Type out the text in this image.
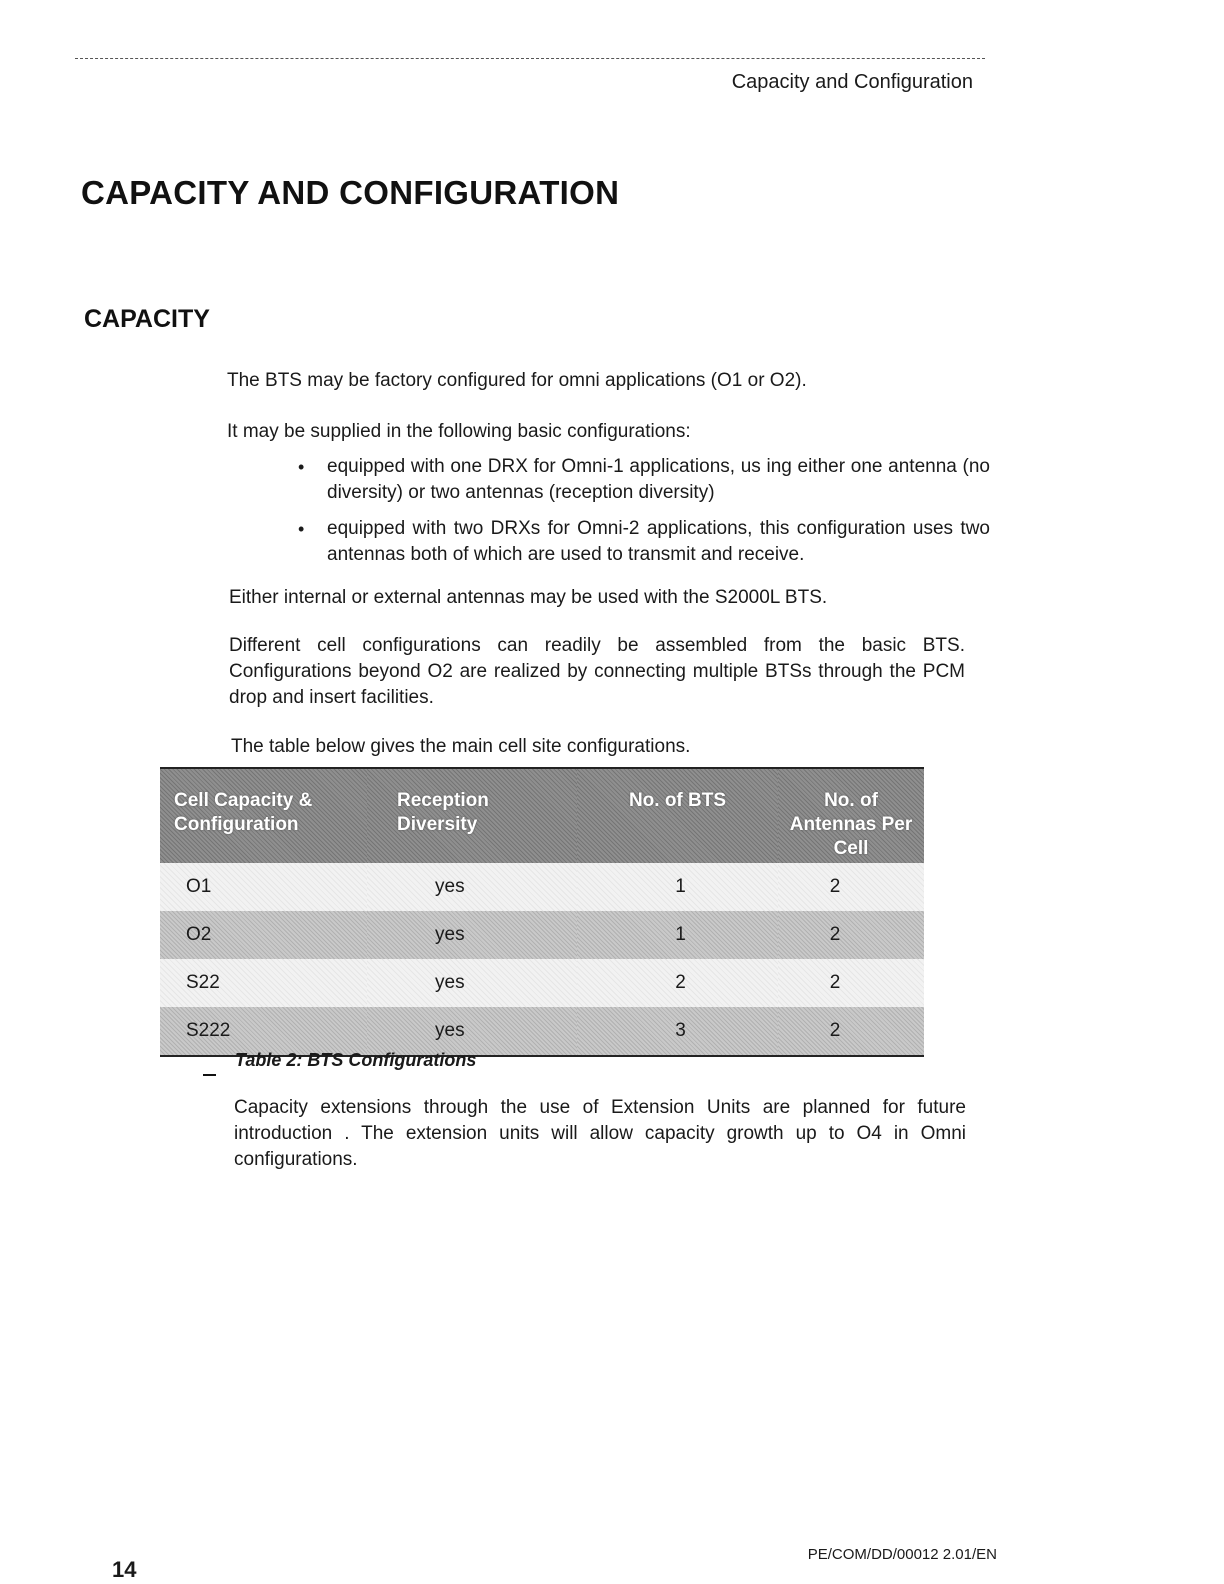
Capacity and Configuration
CAPACITY AND CONFIGURATION
CAPACITY

The BTS may be factory configured for omni applications (O1 or O2).

It may be supplied in the following basic configurations:

• equipped with one DRX for Omni-1 applications, us ing either one antenna (no diversity) or two antennas (reception diversity)
• equipped with two DRXs for Omni-2 applications, this configuration uses two antennas both of which are used to transmit and receive.

Either internal or external antennas may be used with the S2000L BTS.

Different cell configurations can readily be assembled from the basic BTS. Configurations beyond O2 are realized by connecting multiple BTSs through the PCM drop and insert facilities.

The table below gives the main cell site configurations.

Cell Capacity & Configuration	Reception Diversity	No. of BTS	No. of Antennas Per Cell
O1	yes	1	2
O2	yes	1	2
S22	yes	2	2
S222	yes	3	2

Table 2: BTS Configurations

Capacity extensions through the use of Extension Units are planned for future introduction . The extension units will allow capacity growth up to O4 in Omni configurations.

PE/COM/DD/00012 2.01/EN
14
